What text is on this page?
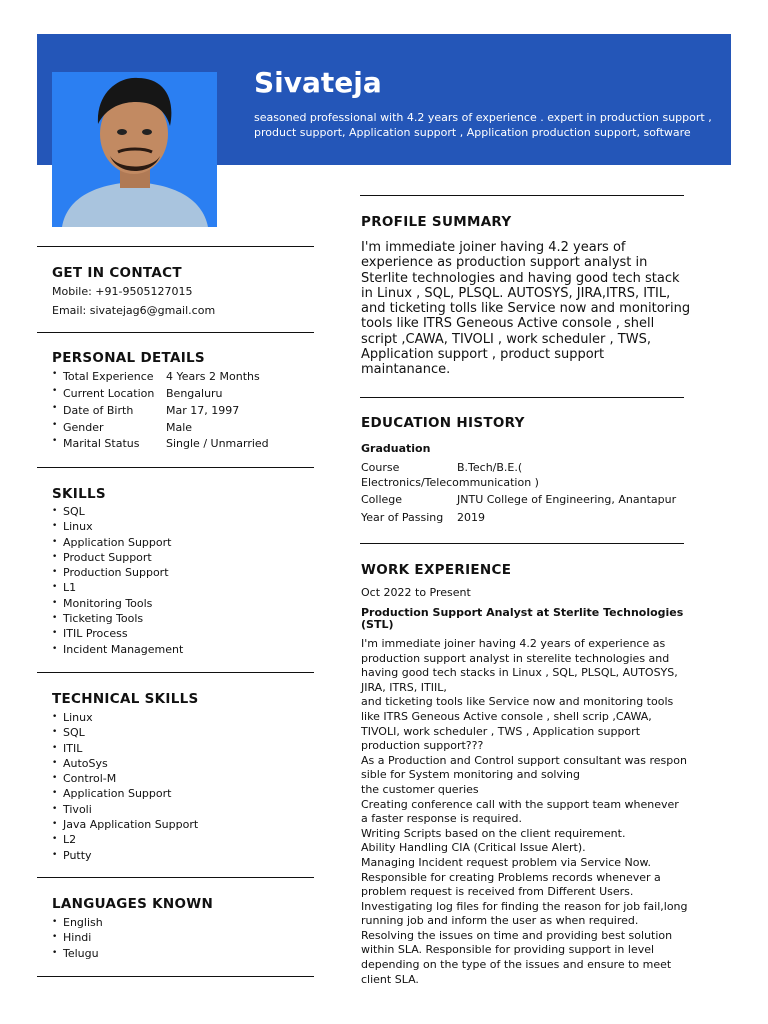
Sivateja
seasoned professional with 4.2 years of experience . expert in production support , product support, Application support , Application production support, software
GET IN CONTACT
Mobile: +91-9505127015
Email: sivatejag6@gmail.com
PERSONAL DETAILS
• Total Experience 4 Years 2 Months
• Current Location Bengaluru
• Date of Birth	Mar 17, 1997
• Gender	Male
• Marital Status Single / Unmarried
SKILLS
• SQL
• Linux
• Application Support
• Product Support
• Production Support
• L1
• Monitoring Tools
• Ticketing Tools
• ITIL Process
• Incident Management
TECHNICAL SKILLS
• Linux
• SQL
• ITIL
• AutoSys
• Control-M
• Application Support
• Tivoli
• Java Application Support
• L2
• Putty
LANGUAGES KNOWN
• English
• Hindi
• Telugu
PROFILE SUMMARY
I'm immediate joiner having 4.2 years of experience as production support analyst in Sterlite technologies and having good tech stack in Linux , SQL, PLSQL. AUTOSYS, JIRA,ITRS, ITIL, and ticketing tolls like Service now and monitoring tools like ITRS Geneous Active console , shell script ,CAWA, TIVOLI , work scheduler , TWS, Application support , product support maintanance.
EDUCATION HISTORY
Graduation
Course	B.Tech/B.E.(
Electronics/Telecommunication )
College	JNTU College of Engineering, Anantapur
Year of Passing 2019
WORK EXPERIENCE
Oct 2022 to Present
Production Support Analyst at Sterlite Technologies (STL)
I'm immediate joiner having 4.2 years of experience as
production support analyst in sterelite technologies and
having good tech stacks in Linux , SQL, PLSQL, AUTOSYS,
JIRA, ITRS, ITIIL,
and ticketing tools like Service now and monitoring tools
like ITRS Geneous Active console , shell scrip ,CAWA,
TIVOLI, work scheduler , TWS , Application support
production support???
As a Production and Control support consultant was respon
sible for System monitoring and solving
the customer queries
Creating conference call with the support team whenever
a faster response is required.
Writing Scripts based on the client requirement.
Ability Handling CIA (Critical Issue Alert).
Managing Incident request problem via Service Now.
Responsible for creating Problems records whenever a
problem request is received from Different Users.
Investigating log files for finding the reason for job fail,long
running job and inform the user as when required.
Resolving the issues on time and providing best solution
within SLA. Responsible for providing support in level
depending on the type of the issues and ensure to meet
client SLA.
